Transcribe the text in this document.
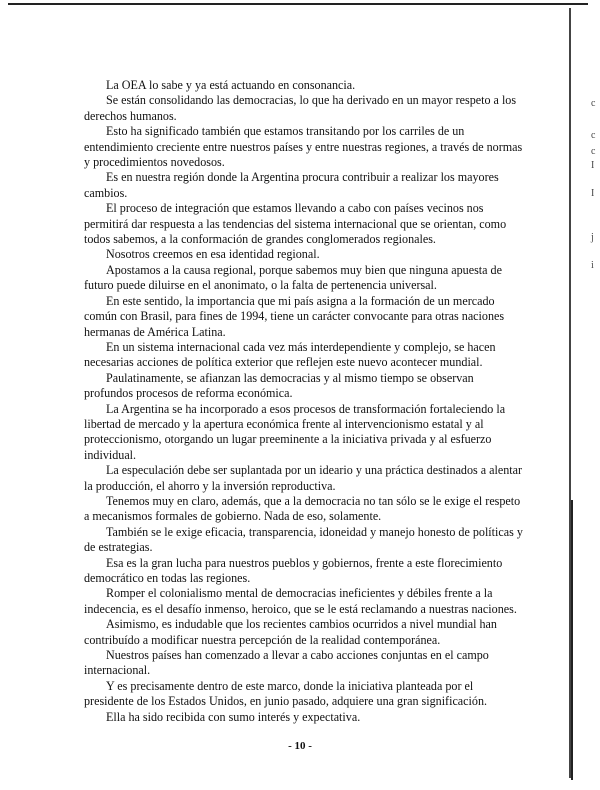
c
c
c
I
I
j
i

La OEA lo sabe y ya está actuando en consonancia.

Se están consolidando las democracias, lo que ha derivado en un mayor respeto a los derechos humanos.

Esto ha significado también que estamos transitando por los carriles de un entendimiento creciente entre nuestros países y entre nuestras regiones, a través de normas y procedimientos novedosos.

Es en nuestra región donde la Argentina procura contribuir a realizar los mayores cambios.

El proceso de integración que estamos llevando a cabo con países vecinos nos permitirá dar respuesta a las tendencias del sistema internacional que se orientan, como todos sabemos, a la conformación de grandes conglomerados regionales.

Nosotros creemos en esa identidad regional.

Apostamos a la causa regional, porque sabemos muy bien que ninguna apuesta de futuro puede diluirse en el anonimato, o la falta de pertenencia universal.

En este sentido, la importancia que mi país asigna a la formación de un mercado común con Brasil, para fines de 1994, tiene un carácter convocante para otras naciones hermanas de América Latina.

En un sistema internacional cada vez más interdependiente y complejo, se hacen necesarias acciones de política exterior que reflejen este nuevo acontecer mundial.

Paulatinamente, se afianzan las democracias y al mismo tiempo se observan profundos procesos de reforma económica.

La Argentina se ha incorporado a esos procesos de transformación fortaleciendo la libertad de mercado y la apertura económica frente al intervencionismo estatal y al proteccionismo, otorgando un lugar preeminente a la iniciativa privada y al esfuerzo individual.

La especulación debe ser suplantada por un ideario y una práctica destinados a alentar la producción, el ahorro y la inversión reproductiva.

Tenemos muy en claro, además, que a la democracia no tan sólo se le exige el respeto a mecanismos formales de gobierno. Nada de eso, solamente.

También se le exige eficacia, transparencia, idoneidad y manejo honesto de políticas y de estrategias.

Esa es la gran lucha para nuestros pueblos y gobiernos, frente a este florecimiento democrático en todas las regiones.

Romper el colonialismo mental de democracias ineficientes y débiles frente a la indecencia, es el desafío inmenso, heroico, que se le está reclamando a nuestras naciones.

Asimismo, es indudable que los recientes cambios ocurridos a nivel mundial han contribuído a modificar nuestra percepción de la realidad contemporánea.

Nuestros países han comenzado a llevar a cabo acciones conjuntas en el campo internacional.

Y es precisamente dentro de este marco, donde la iniciativa planteada por el presidente de los Estados Unidos, en junio pasado, adquiere una gran significación.

Ella ha sido recibida con sumo interés y expectativa.

- 10 -
